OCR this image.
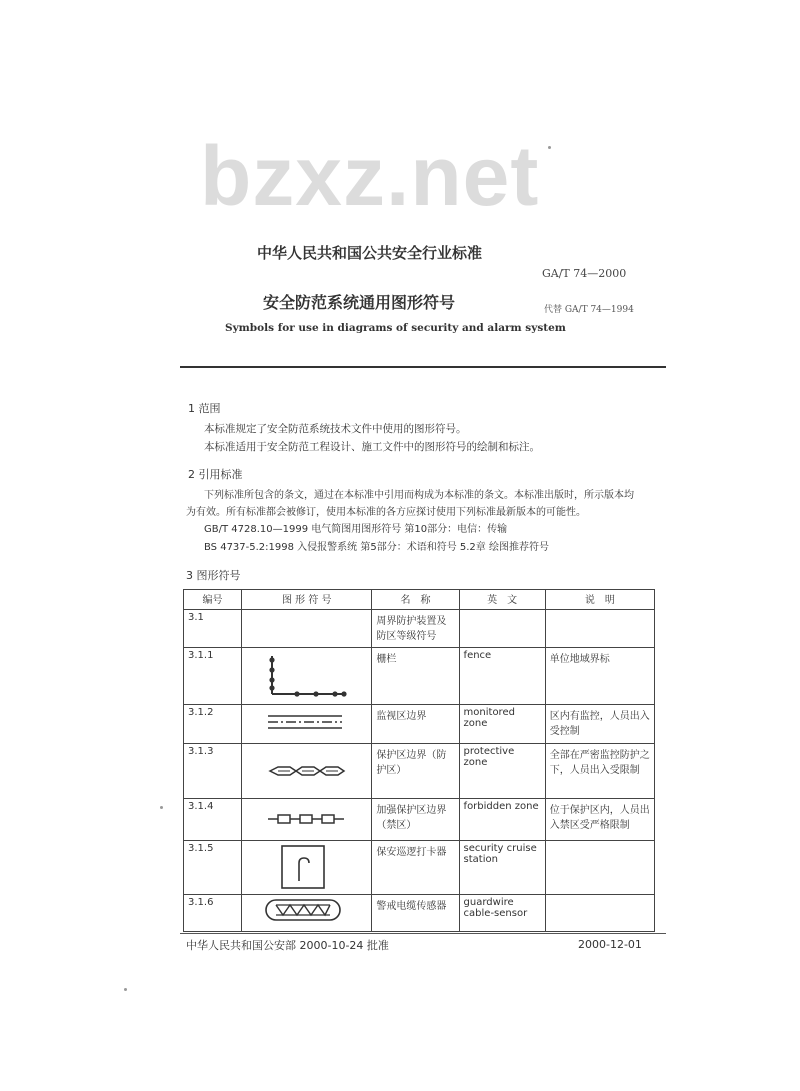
bzxz.net
中华人民共和国公共安全行业标准
GA/T 74—2000
安全防范系统通用图形符号	代替 GA/T 74—1994
Symbols for use in diagrams of security and alarm system
1 范围
本标准规定了安全防范系统技术文件中使用的图形符号。
本标准适用于安全防范工程设计、施工文件中的图形符号的绘制和标注。
2 引用标准
下列标准所包含的条文，通过在本标准中引用而构成为本标准的条文。本标准出版时，所示版本均
为有效。所有标准都会被修订，使用本标准的各方应探讨使用下列标准最新版本的可能性。
GB/T 4728.10—1999 电气简图用图形符号 第10部分：电信：传输
BS 4737-5.2:1998 入侵报警系统 第5部分：术语和符号 5.2章 绘图推荐符号
3 图形符号
编号	图 形 符 号	名　称	英　文	说　明
3.1		周界防护装置及防区等级符号		
3.1.1		栅栏	fence	单位地域界标
3.1.2		监视区边界	monitored zone	区内有监控，人员出入受控制
3.1.3		保护区边界（防护区）	protective zone	全部在严密监控防护之下，人员出入受限制
3.1.4		加强保护区边界（禁区）	forbidden zone	位于保护区内，人员出入禁区受严格限制
3.1.5		保安巡逻打卡器	security cruise station	
3.1.6		警戒电缆传感器	guardwire cable-sensor	
中华人民共和国公安部 2000-10-24 批准	2000-12-01
